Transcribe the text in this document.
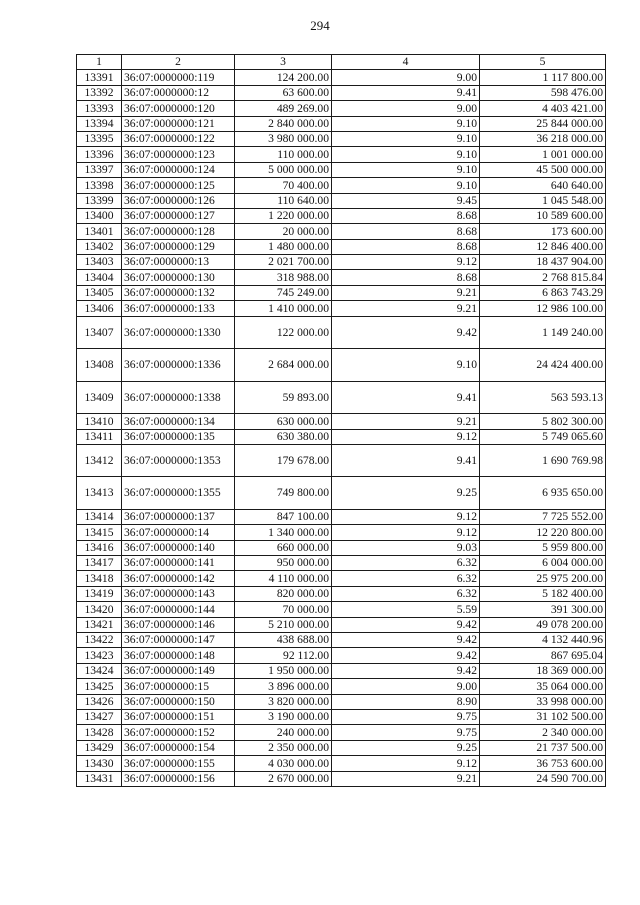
294
1	2	3	4	5
13391	36:07:0000000:119	124 200.00	9.00	1 117 800.00
13392	36:07:0000000:12	63 600.00	9.41	598 476.00
13393	36:07:0000000:120	489 269.00	9.00	4 403 421.00
13394	36:07:0000000:121	2 840 000.00	9.10	25 844 000.00
13395	36:07:0000000:122	3 980 000.00	9.10	36 218 000.00
13396	36:07:0000000:123	110 000.00	9.10	1 001 000.00
13397	36:07:0000000:124	5 000 000.00	9.10	45 500 000.00
13398	36:07:0000000:125	70 400.00	9.10	640 640.00
13399	36:07:0000000:126	110 640.00	9.45	1 045 548.00
13400	36:07:0000000:127	1 220 000.00	8.68	10 589 600.00
13401	36:07:0000000:128	20 000.00	8.68	173 600.00
13402	36:07:0000000:129	1 480 000.00	8.68	12 846 400.00
13403	36:07:0000000:13	2 021 700.00	9.12	18 437 904.00
13404	36:07:0000000:130	318 988.00	8.68	2 768 815.84
13405	36:07:0000000:132	745 249.00	9.21	6 863 743.29
13406	36:07:0000000:133	1 410 000.00	9.21	12 986 100.00
13407	36:07:0000000:1330	122 000.00	9.42	1 149 240.00
13408	36:07:0000000:1336	2 684 000.00	9.10	24 424 400.00
13409	36:07:0000000:1338	59 893.00	9.41	563 593.13
13410	36:07:0000000:134	630 000.00	9.21	5 802 300.00
13411	36:07:0000000:135	630 380.00	9.12	5 749 065.60
13412	36:07:0000000:1353	179 678.00	9.41	1 690 769.98
13413	36:07:0000000:1355	749 800.00	9.25	6 935 650.00
13414	36:07:0000000:137	847 100.00	9.12	7 725 552.00
13415	36:07:0000000:14	1 340 000.00	9.12	12 220 800.00
13416	36:07:0000000:140	660 000.00	9.03	5 959 800.00
13417	36:07:0000000:141	950 000.00	6.32	6 004 000.00
13418	36:07:0000000:142	4 110 000.00	6.32	25 975 200.00
13419	36:07:0000000:143	820 000.00	6.32	5 182 400.00
13420	36:07:0000000:144	70 000.00	5.59	391 300.00
13421	36:07:0000000:146	5 210 000.00	9.42	49 078 200.00
13422	36:07:0000000:147	438 688.00	9.42	4 132 440.96
13423	36:07:0000000:148	92 112.00	9.42	867 695.04
13424	36:07:0000000:149	1 950 000.00	9.42	18 369 000.00
13425	36:07:0000000:15	3 896 000.00	9.00	35 064 000.00
13426	36:07:0000000:150	3 820 000.00	8.90	33 998 000.00
13427	36:07:0000000:151	3 190 000.00	9.75	31 102 500.00
13428	36:07:0000000:152	240 000.00	9.75	2 340 000.00
13429	36:07:0000000:154	2 350 000.00	9.25	21 737 500.00
13430	36:07:0000000:155	4 030 000.00	9.12	36 753 600.00
13431	36:07:0000000:156	2 670 000.00	9.21	24 590 700.00
